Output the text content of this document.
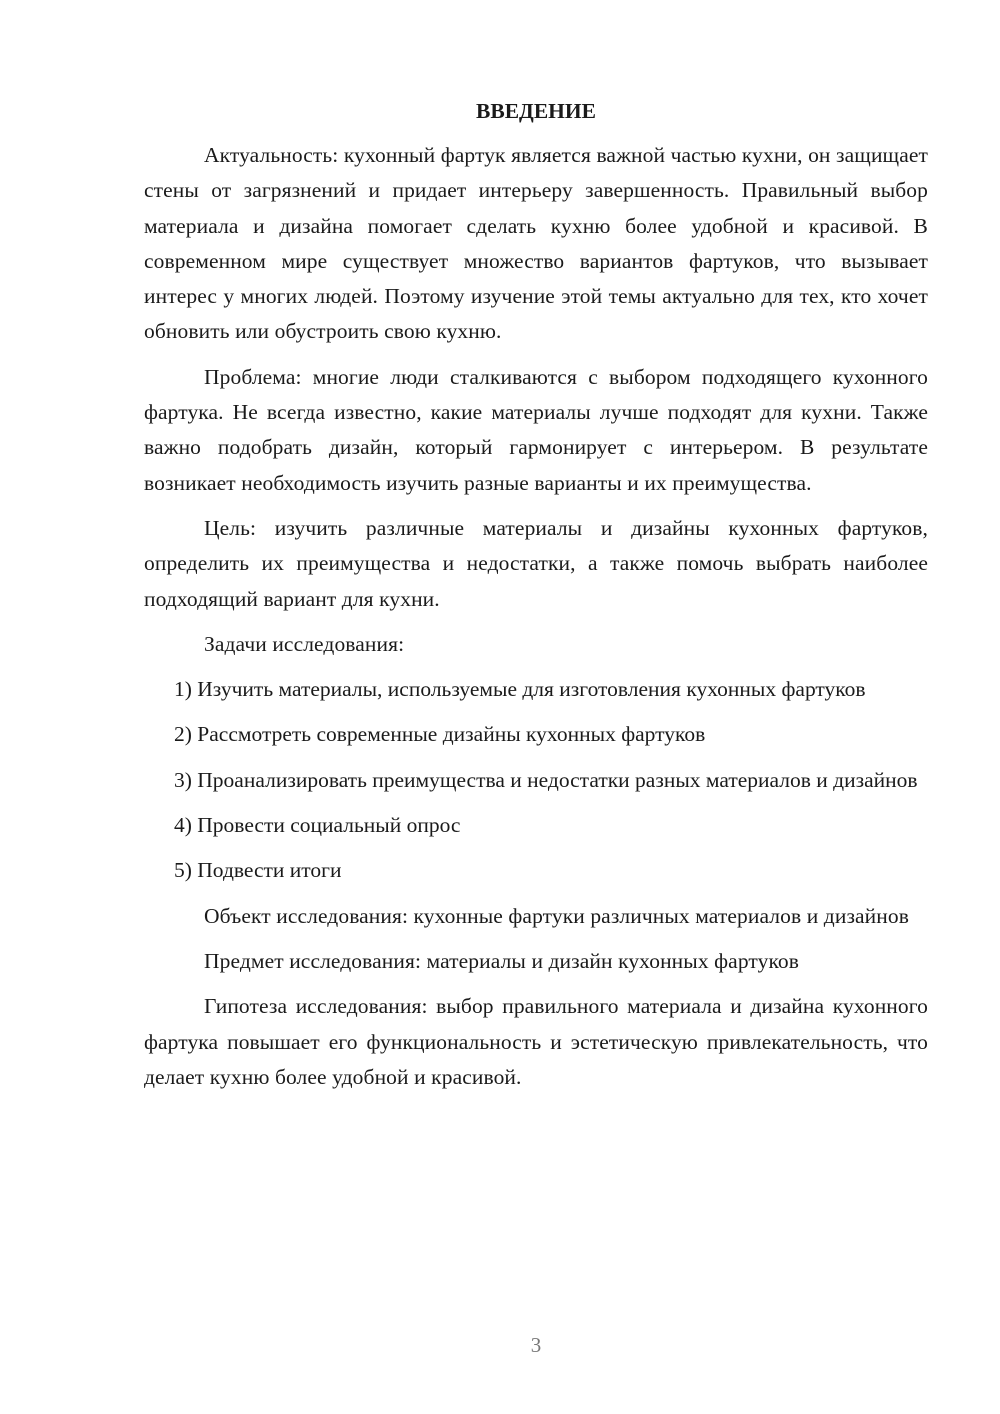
ВВЕДЕНИЕ

Актуальность: кухонный фартук является важной частью кухни, он защищает стены от загрязнений и придает интерьеру завершенность. Правильный выбор материала и дизайна помогает сделать кухню более удобной и красивой. В современном мире существует множество вариантов фартуков, что вызывает интерес у многих людей. Поэтому изучение этой темы актуально для тех, кто хочет обновить или обустроить свою кухню.

Проблема: многие люди сталкиваются с выбором подходящего кухонного фартука. Не всегда известно, какие материалы лучше подходят для кухни. Также важно подобрать дизайн, который гармонирует с интерьером. В результате возникает необходимость изучить разные варианты и их преимущества.

Цель: изучить различные материалы и дизайны кухонных фартуков, определить их преимущества и недостатки, а также помочь выбрать наиболее подходящий вариант для кухни.

Задачи исследования:

1) Изучить материалы, используемые для изготовления кухонных фартуков

2) Рассмотреть современные дизайны кухонных фартуков

3) Проанализировать преимущества и недостатки разных материалов и дизайнов

4) Провести социальный опрос

5) Подвести итоги

Объект исследования: кухонные фартуки различных материалов и дизайнов

Предмет исследования: материалы и дизайн кухонных фартуков

Гипотеза исследования: выбор правильного материала и дизайна кухонного фартука повышает его функциональность и эстетическую привлекательность, что делает кухню более удобной и красивой.

3
